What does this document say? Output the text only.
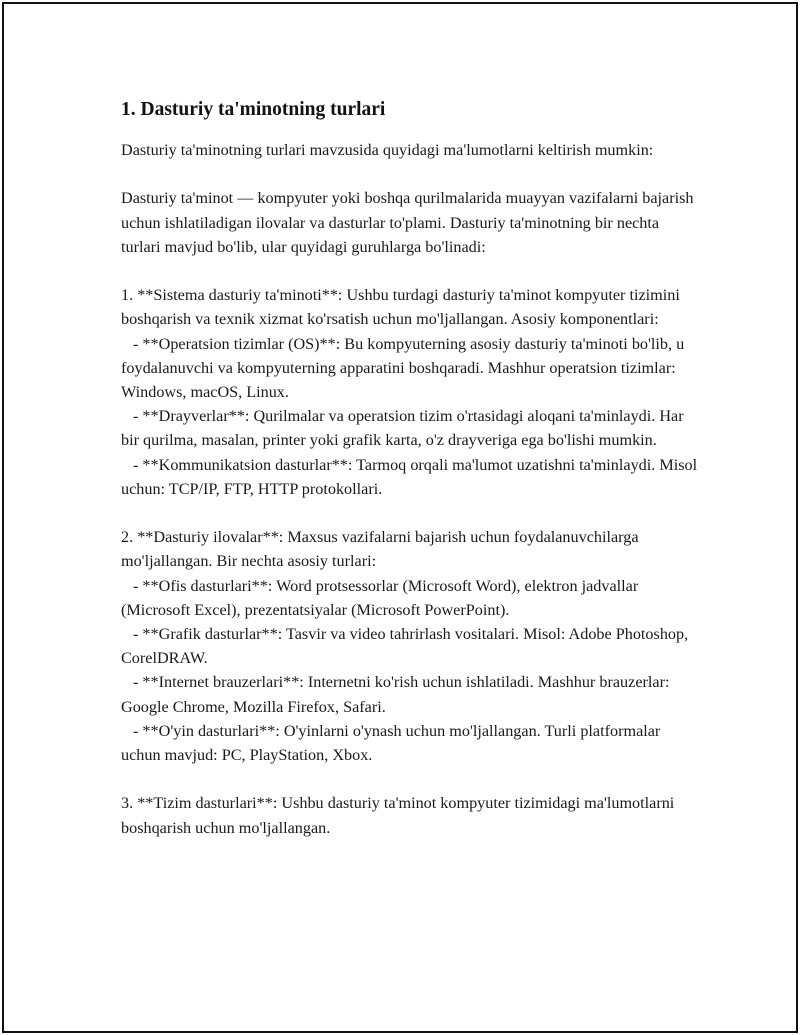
1. Dasturiy ta'minotning turlari

Dasturiy ta'minotning turlari mavzusida quyidagi ma'lumotlarni keltirish mumkin:

Dasturiy ta'minot — kompyuter yoki boshqa qurilmalarida muayyan vazifalarni bajarish uchun ishlatiladigan ilovalar va dasturlar to'plami. Dasturiy ta'minotning bir nechta turlari mavjud bo'lib, ular quyidagi guruhlarga bo'linadi:

1. **Sistema dasturiy ta'minoti**: Ushbu turdagi dasturiy ta'minot kompyuter tizimini boshqarish va texnik xizmat ko'rsatish uchun mo'ljallangan. Asosiy komponentlari:

- **Operatsion tizimlar (OS)**: Bu kompyuterning asosiy dasturiy ta'minoti bo'lib, u foydalanuvchi va kompyuterning apparatini boshqaradi. Mashhur operatsion tizimlar: Windows, macOS, Linux.

- **Drayverlar**: Qurilmalar va operatsion tizim o'rtasidagi aloqani ta'minlaydi. Har bir qurilma, masalan, printer yoki grafik karta, o'z drayveriga ega bo'lishi mumkin.

- **Kommunikatsion dasturlar**: Tarmoq orqali ma'lumot uzatishni ta'minlaydi. Misol uchun: TCP/IP, FTP, HTTP protokollari.

2. **Dasturiy ilovalar**: Maxsus vazifalarni bajarish uchun foydalanuvchilarga mo'ljallangan. Bir nechta asosiy turlari:

- **Ofis dasturlari**: Word protsessorlar (Microsoft Word), elektron jadvallar (Microsoft Excel), prezentatsiyalar (Microsoft PowerPoint).

- **Grafik dasturlar**: Tasvir va video tahrirlash vositalari. Misol: Adobe Photoshop, CorelDRAW.

- **Internet brauzerlari**: Internetni ko'rish uchun ishlatiladi. Mashhur brauzerlar: Google Chrome, Mozilla Firefox, Safari.

- **O'yin dasturlari**: O'yinlarni o'ynash uchun mo'ljallangan. Turli platformalar uchun mavjud: PC, PlayStation, Xbox.

3. **Tizim dasturlari**: Ushbu dasturiy ta'minot kompyuter tizimidagi ma'lumotlarni boshqarish uchun mo'ljallangan.
